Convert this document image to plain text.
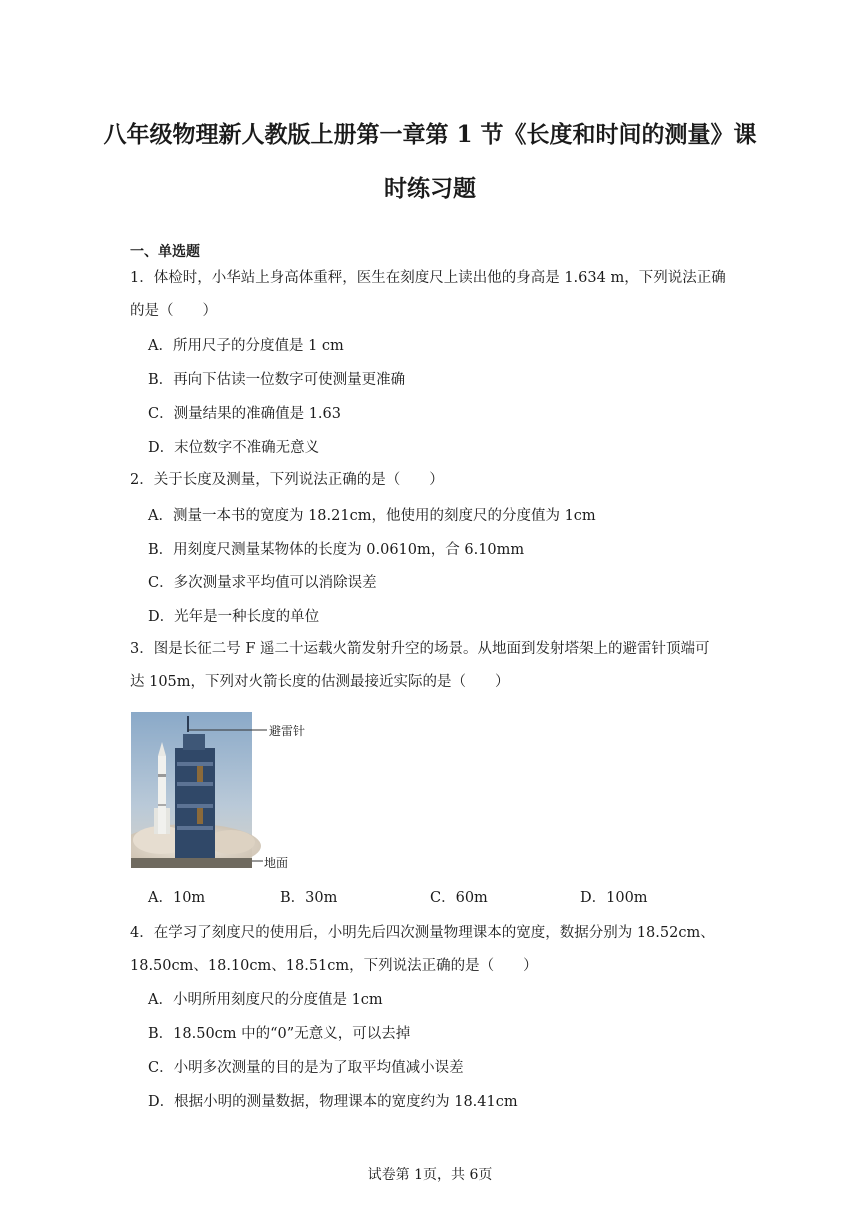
八年级物理新人教版上册第一章第 1 节《长度和时间的测量》课
时练习题
一、单选题
1．体检时，小华站上身高体重秤，医生在刻度尺上读出他的身高是 1.634 m，下列说法正确
的是（　　）
A．所用尺子的分度值是 1 cm
B．再向下估读一位数字可使测量更准确
C．测量结果的准确值是 1.63
D．末位数字不准确无意义
2．关于长度及测量，下列说法正确的是（　　）
A．测量一本书的宽度为 18.21cm，他使用的刻度尺的分度值为 1cm
B．用刻度尺测量某物体的长度为 0.0610m，合 6.10mm
C．多次测量求平均值可以消除误差
D．光年是一种长度的单位
3．图是长征二号 F 遥二十运载火箭发射升空的场景。从地面到发射塔架上的避雷针顶端可
达 105m，下列对火箭长度的估测最接近实际的是（　　）
避雷针
地面
A．10m	B．30m	C．60m	D．100m
4．在学习了刻度尺的使用后，小明先后四次测量物理课本的宽度，数据分别为 18.52cm、
18.50cm、18.10cm、18.51cm，下列说法正确的是（　　）
A．小明所用刻度尺的分度值是 1cm
B．18.50cm 中的“0”无意义，可以去掉
C．小明多次测量的目的是为了取平均值减小误差
D．根据小明的测量数据，物理课本的宽度约为 18.41cm
试卷第 1页，共 6页
